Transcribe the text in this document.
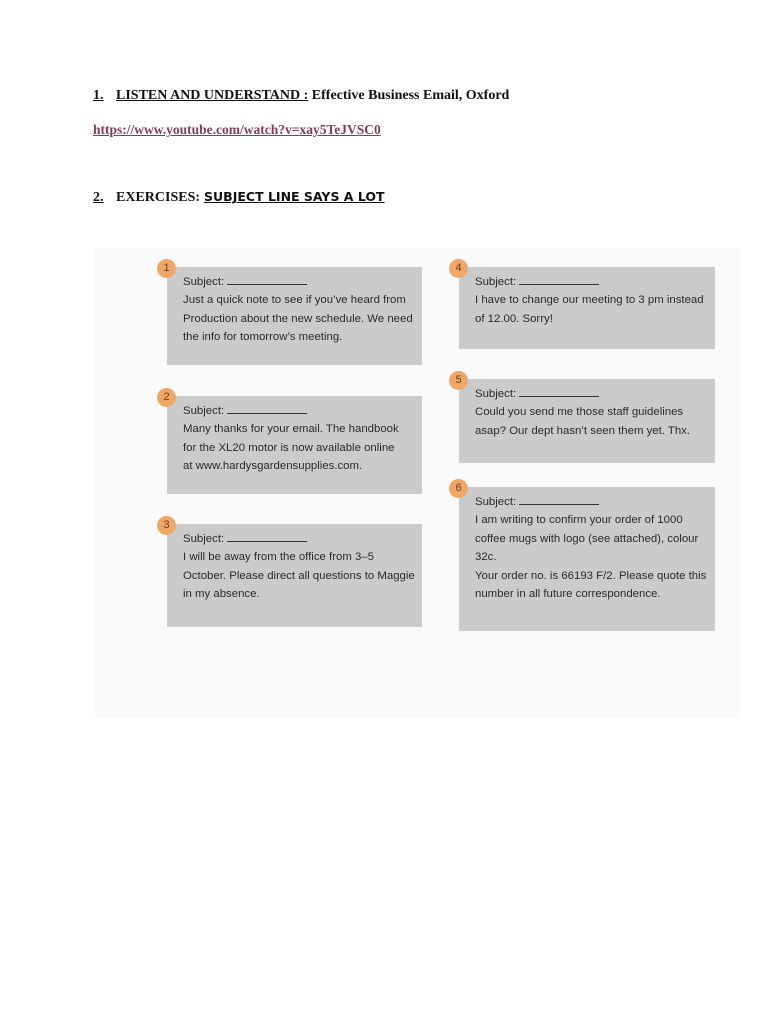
1. LISTEN AND UNDERSTAND : Effective Business Email, Oxford
https://www.youtube.com/watch?v=xay5TeJVSC0
2. EXERCISES: SUBJECT LINE SAYS A LOT
1
Subject:
Just a quick note to see if you’ve heard from
Production about the new schedule. We need
the info for tomorrow’s meeting.
2
Subject:
Many thanks for your email. The handbook
for the XL20 motor is now available online
at www.hardysgardensupplies.com.
3
Subject:
I will be away from the office from 3–5
October. Please direct all questions to Maggie
in my absence.
4
Subject:
I have to change our meeting to 3 pm instead
of 12.00. Sorry!
5
Subject:
Could you send me those staff guidelines
asap? Our dept hasn’t seen them yet. Thx.
6
Subject:
I am writing to confirm your order of 1000
coffee mugs with logo (see attached), colour
32c.
Your order no. is 66193 F/2. Please quote this
number in all future correspondence.
